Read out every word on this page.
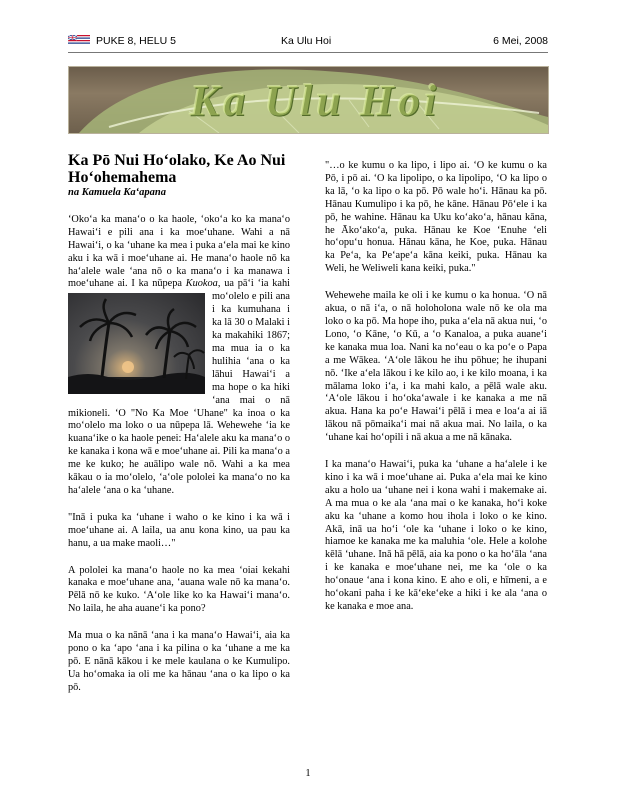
PUKE 8, HELU 5	Ka Ulu Hoi	6 Mei, 2008
Ka Ulu Hoi
Ka Pō Nui Hoʻolako, Ke Ao Nui Hoʻohemahema
na Kamuela Kaʻapana

ʻOkoʻa ka manaʻo o ka haole, ʻokoʻa ko ka manaʻo Hawaiʻi e pili ana i ka moeʻuhane. Wahi a nā Hawaiʻi, o ka ʻuhane ka mea i puka aʻela mai ke kino aku i ka wā i moeʻuhane ai. He manaʻo haole nō ka haʻalele wale ʻana nō o ka manaʻo i ka manawa i moeʻuhane ai. I ka nūpepa Kuokoa
, ua pāʻi ʻia kahi moʻolelo e pili ana i ka kumuhana i ka lā 30 o Malaki i ka makahiki 1867; ma mua ia o ka hulihia ʻana o ka lāhui Hawaiʻi a ma hope o ka hiki ʻana mai o nā mikioneli. ʻO "No Ka Moe ʻUhane" ka inoa o ka moʻolelo ma loko o ua nūpepa lā. Wehewehe ʻia ke kuanaʻike o ka haole penei: Haʻalele aku ka manaʻo o ke kanaka i kona wā e moeʻuhane ai. Pili ka manaʻo a me ke kuko; he auālipo wale nō. Wahi a ka mea kākau o ia moʻolelo, ʻaʻole pololei ka manaʻo no ka haʻalele ʻana o ka ʻuhane.

"Inā i puka ka ʻuhane i waho o ke kino i ka wā i moeʻuhane ai. A laila, ua anu kona kino, ua pau ka hanu, a ua make maoli…"

A pololei ka manaʻo haole no ka mea ʻoiai kekahi kanaka e moeʻuhane ana, ʻauana wale nō ka manaʻo. Pēlā nō ke kuko. ʻAʻole like ko ka Hawaiʻi manaʻo. No laila, he aha auaneʻi ka pono?

Ma mua o ka nānā ʻana i ka manaʻo Hawaiʻi, aia ka pono o ka ʻapo ʻana i ka pilina o ka ʻuhane a me ka pō. E nānā kākou i ke mele kaulana o ke Kumulipo. Ua hoʻomaka ia oli me ka hānau ʻana o ka lipo o ka pō.

"…o ke kumu o ka lipo, i lipo ai. ʻO ke kumu o ka Pō, i pō ai. ʻO ka lipolipo, o ka lipolipo, ʻO ka lipo o ka lā, ʻo ka lipo o ka pō. Pō wale hoʻi. Hānau ka pō. Hānau Kumulipo i ka pō, he kāne. Hānau Pōʻele i ka pō, he wahine. Hānau ka Uku koʻakoʻa, hānau kāna, he Ākoʻakoʻa, puka. Hānau ke Koe ʻEnuhe ʻeli hoʻopuʻu honua. Hānau kāna, he Koe, puka. Hānau ka Peʻa, ka Peʻapeʻa kāna keiki, puka. Hānau ka Weli, he Weliweli kana keiki, puka."

Wehewehe maila ke oli i ke kumu o ka honua. ʻO nā akua, o nā iʻa, o nā holoholona wale nō ke ola ma loko o ka pō. Ma hope iho, puka aʻela nā akua nui, ʻo Lono, ʻo Kāne, ʻo Kū, a ʻo Kanaloa, a puka auaneʻi ke kanaka mua loa. Nani ka noʻeau o ka poʻe o Papa a me Wākea. ʻAʻole lākou he ihu pōhue; he ihupani nō. ʻIke aʻela lākou i ke kilo ao, i ke kilo moana, i ka mālama loko iʻa, i ka mahi kalo, a pēlā wale aku. ʻAʻole lākou i hoʻokaʻawale i ke kanaka a me nā akua. Hana ka poʻe Hawaiʻi pēlā i mea e loaʻa ai iā lākou nā pōmaikaʻi mai nā akua mai. No laila, o ka ʻuhane kai hoʻopili i nā akua a me nā kānaka.

I ka manaʻo Hawaiʻi, puka ka ʻuhane a haʻalele i ke kino i ka wā i moeʻuhane ai. Puka aʻela mai ke kino aku a holo ua ʻuhane nei i kona wahi i makemake ai. A ma mua o ke ala ʻana mai o ke kanaka, hoʻi koke aku ka ʻuhane a komo hou ihola i loko o ke kino. Akā, inā ua hoʻi ʻole ka ʻuhane i loko o ke kino, hiamoe ke kanaka me ka maluhia ʻole. Hele a kolohe kēlā ʻuhane. Inā hā pēlā, aia ka pono o ka hoʻāla ʻana i ke kanaka e moeʻuhane nei, me ka ʻole o ka hoʻonaue ʻana i kona kino. E aho e oli, e hīmeni, a e hoʻokani paha i ke kāʻekeʻeke a hiki i ke ala ʻana o ke kanaka e moe ana.

1
